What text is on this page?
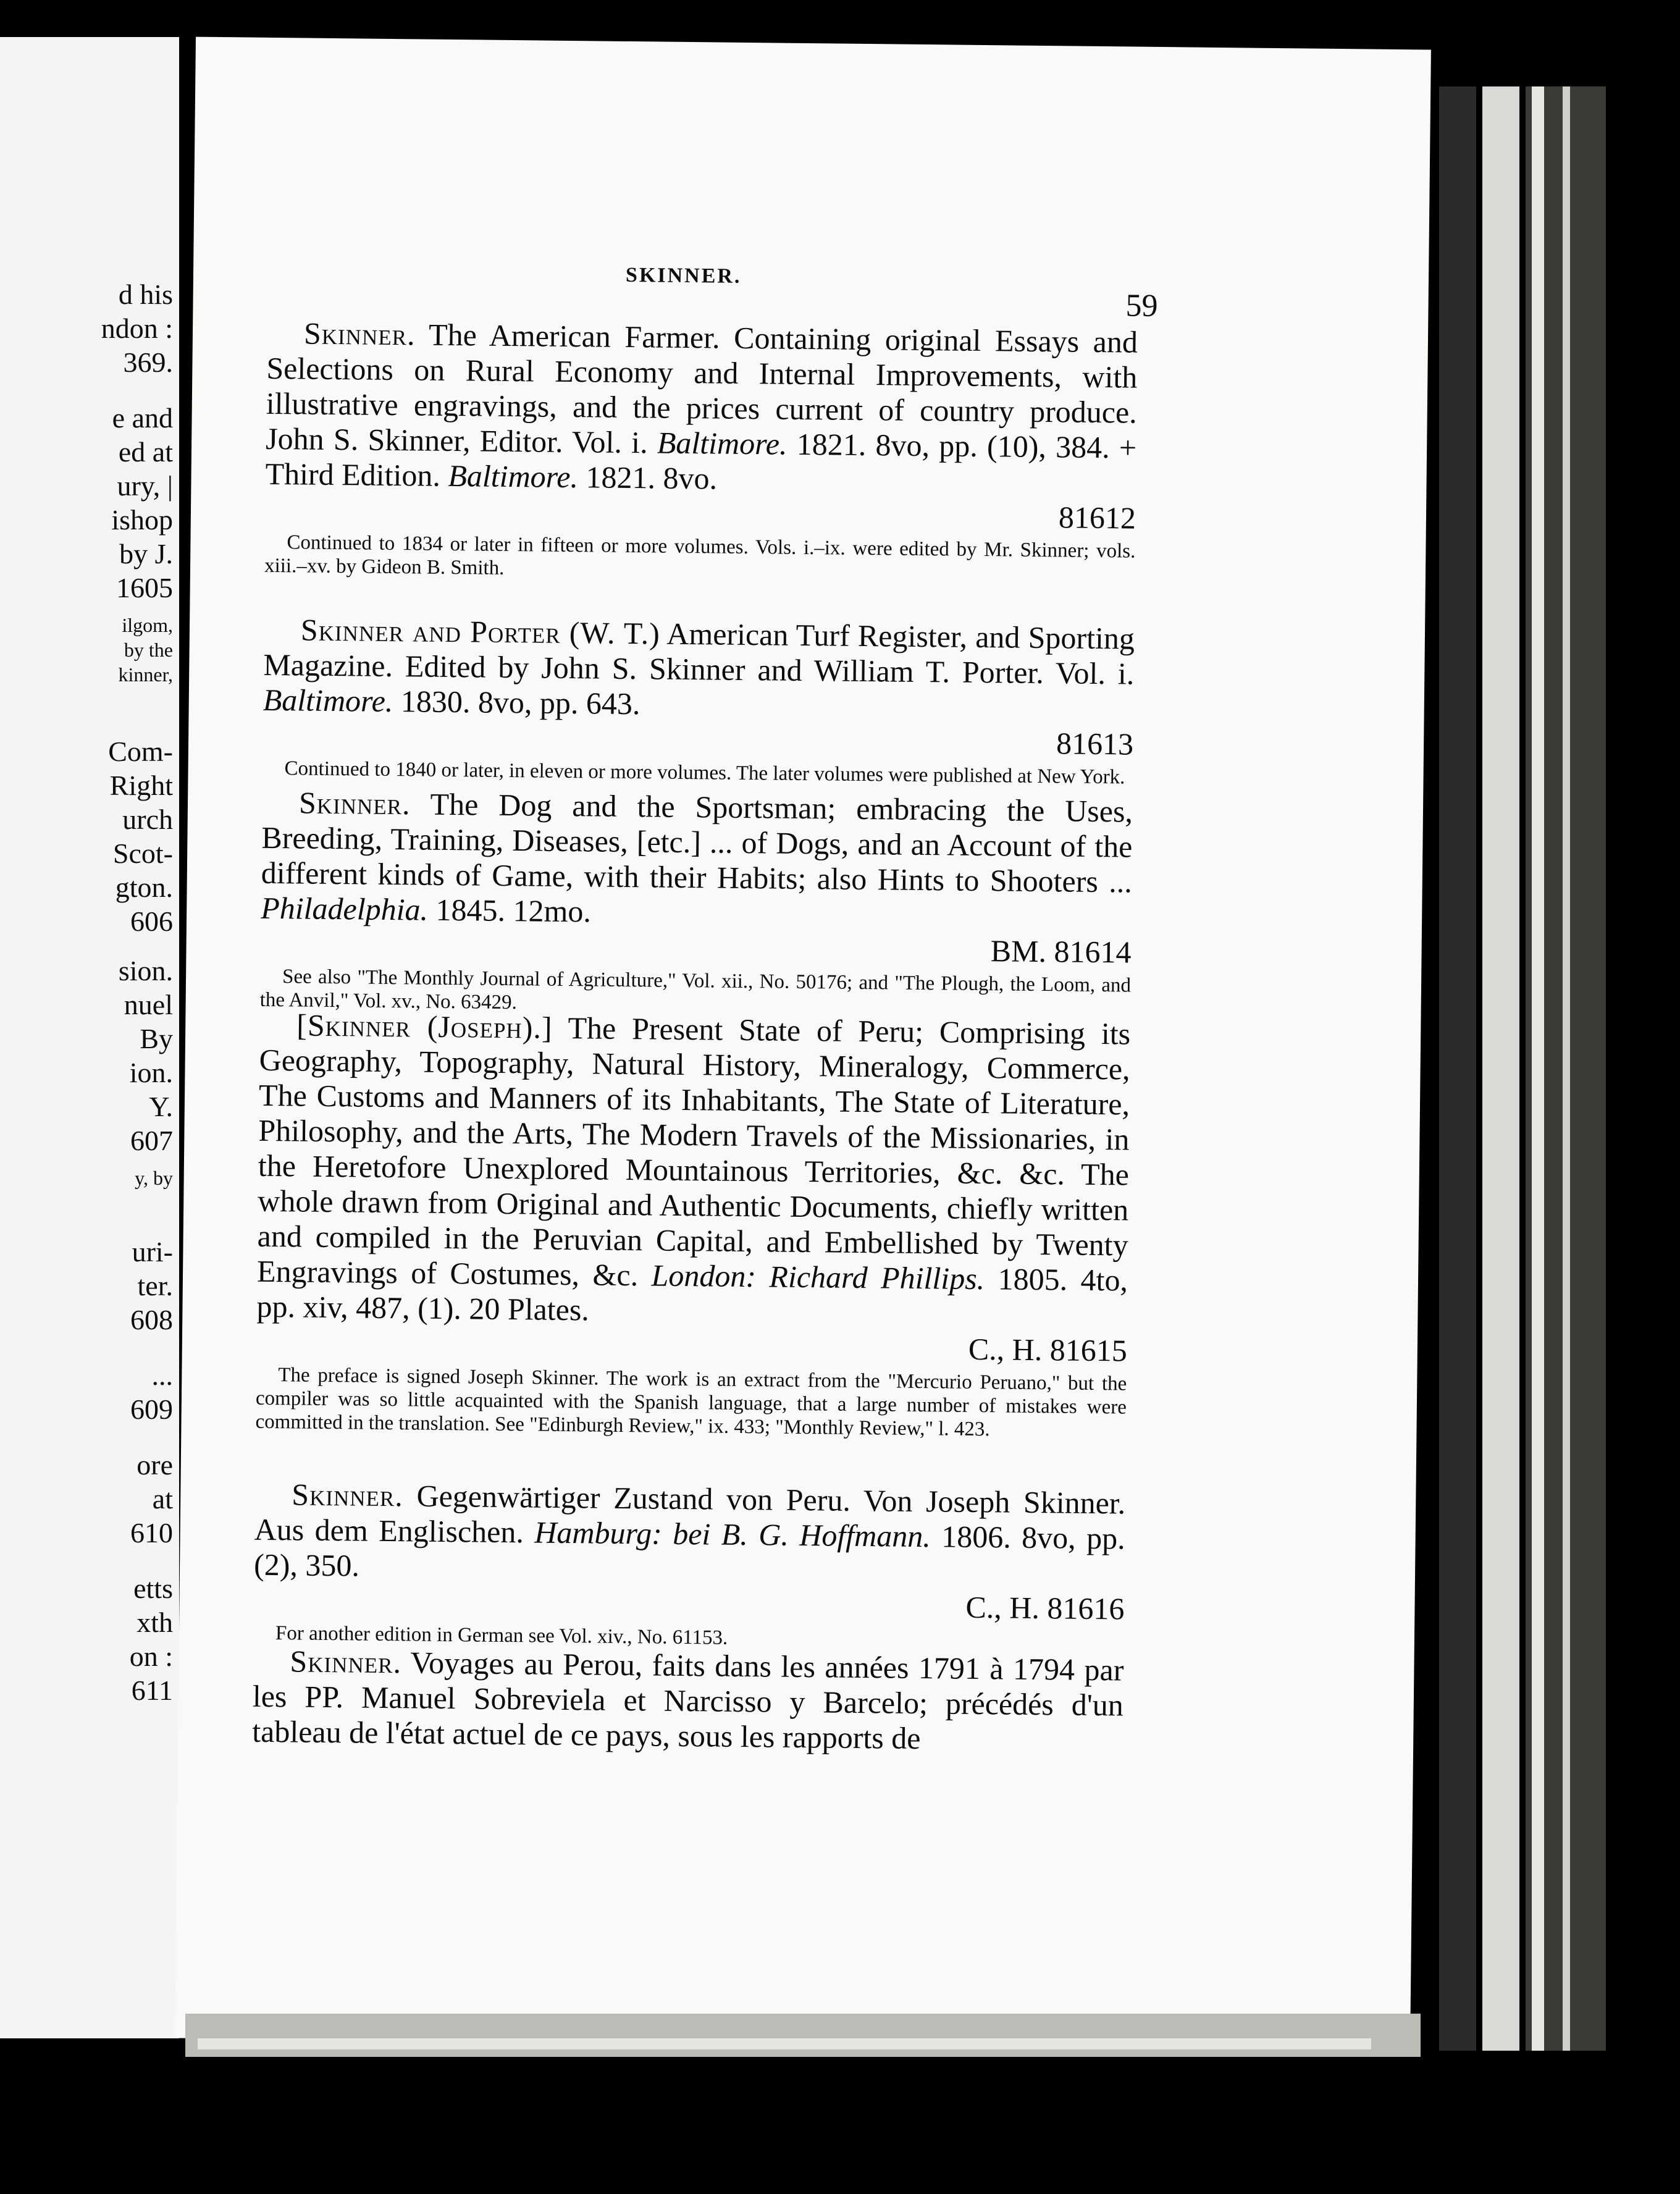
d his
ndon :
369.
e and
ed at
ury, |
ishop
by J.
1605
ilgom,
by the
kinner,
Com-
Right
urch
Scot-
gton.
606
sion.
nuel
By
ion.
Y.
607
y, by
uri-
ter.
608
...
609
ore
at
610
etts
xth
on :
611
SKINNER.
59

Skinner. The American Farmer. Containing original Essays and Selections on Rural Economy and Internal Improvements, with illustrative engravings, and the prices current of country produce. John S. Skinner, Editor. Vol. i. Baltimore. 1821. 8vo, pp. (10), 384. + Third Edition. Baltimore. 1821. 8vo.
81612

Continued to 1834 or later in fifteen or more volumes. Vols. i.–ix. were edited by Mr. Skinner; vols. xiii.–xv. by Gideon B. Smith.

Skinner and Porter (W. T.) American Turf Register, and Sporting Magazine. Edited by John S. Skinner and William T. Porter. Vol. i. Baltimore. 1830. 8vo, pp. 643.
81613

Continued to 1840 or later, in eleven or more volumes. The later volumes were published at New York.

Skinner. The Dog and the Sportsman; embracing the Uses, Breeding, Training, Diseases, [etc.] ... of Dogs, and an Account of the different kinds of Game, with their Habits; also Hints to Shooters ... Philadelphia. 1845. 12mo.
BM. 81614

See also "The Monthly Journal of Agriculture," Vol. xii., No. 50176; and "The Plough, the Loom, and the Anvil," Vol. xv., No. 63429.

[Skinner (Joseph).] The Present State of Peru; Comprising its Geography, Topography, Natural History, Mineralogy, Commerce, The Customs and Manners of its Inhabitants, The State of Literature, Philosophy, and the Arts, The Modern Travels of the Missionaries, in the Heretofore Unexplored Mountainous Territories, &c. &c. The whole drawn from Original and Authentic Documents, chiefly written and compiled in the Peruvian Capital, and Embellished by Twenty Engravings of Costumes, &c. London: Richard Phillips. 1805. 4to, pp. xiv, 487, (1). 20 Plates.
C., H. 81615

The preface is signed Joseph Skinner. The work is an extract from the "Mercurio Peruano," but the compiler was so little acquainted with the Spanish language, that a large number of mistakes were committed in the translation. See "Edinburgh Review," ix. 433; "Monthly Review," l. 423.

Skinner. Gegenwärtiger Zustand von Peru. Von Joseph Skinner. Aus dem Englischen. Hamburg: bei B. G. Hoffmann. 1806. 8vo, pp. (2), 350.
C., H. 81616

For another edition in German see Vol. xiv., No. 61153.

Skinner. Voyages au Perou, faits dans les années 1791 à 1794 par les PP. Manuel Sobreviela et Narcisso y Barcelo; précédés d'un tableau de l'état actuel de ce pays, sous les rapports de
